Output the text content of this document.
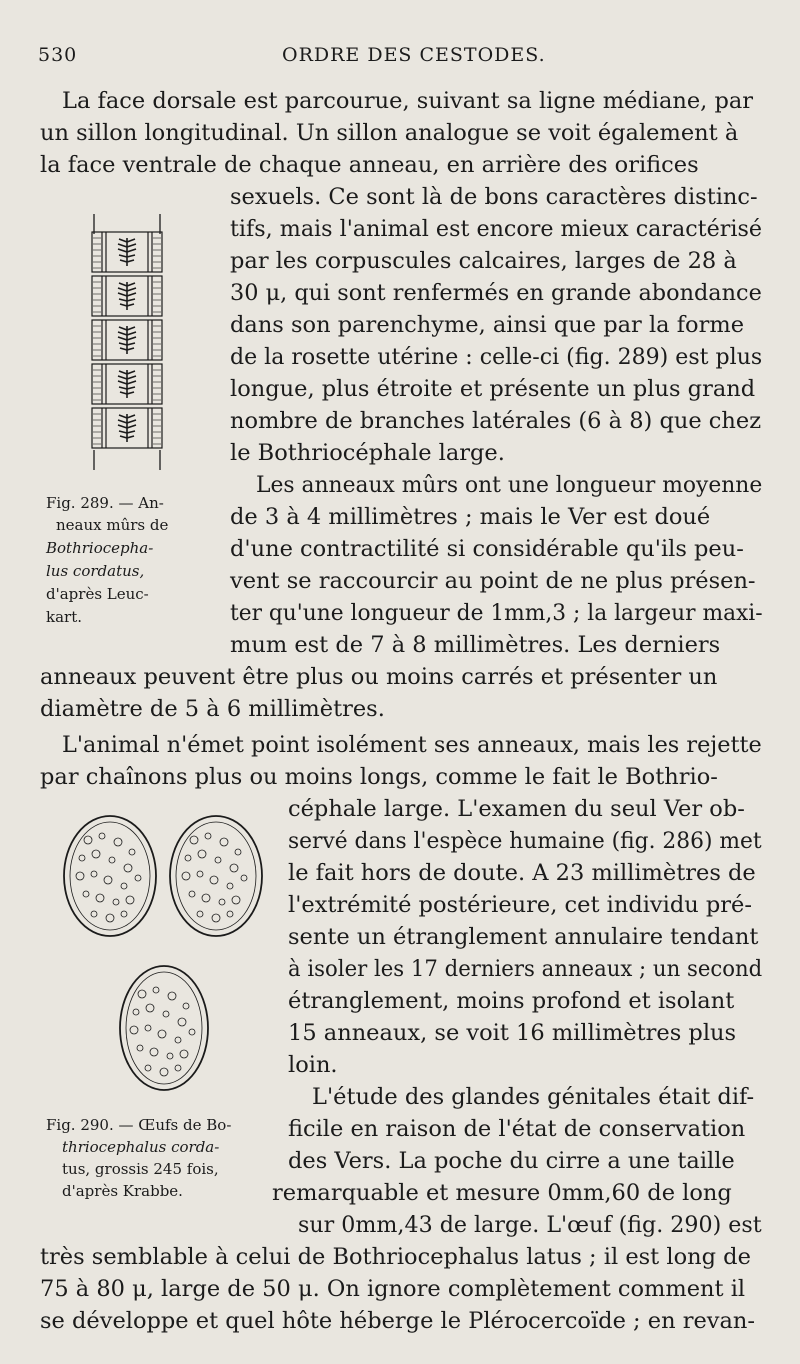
530	ORDRE DES CESTODES.
Fig. 289. — An-
neaux mûrs de
Bothriocepha-
lus cordatus,
d'après Leuc-
kart.
Fig. 290. — Œufs de Bo-
thriocephalus corda-
tus, grossis 245 fois,
d'après Krabbe.
La face dorsale est parcourue, suivant sa ligne médiane, par
un sillon longitudinal. Un sillon analogue se voit également à
la face ventrale de chaque anneau, en arrière des orifices
sexuels. Ce sont là de bons caractères distinc-
tifs, mais l'animal est encore mieux caractérisé
par les corpuscules calcaires, larges de 28 à
30 μ, qui sont renfermés en grande abondance
dans son parenchyme, ainsi que par la forme
de la rosette utérine : celle-ci (fig. 289) est plus
longue, plus étroite et présente un plus grand
nombre de branches latérales (6 à 8) que chez
le Bothriocéphale large.
Les anneaux mûrs ont une longueur moyenne
de 3 à 4 millimètres ; mais le Ver est doué
d'une contractilité si considérable qu'ils peu-
vent se raccourcir au point de ne plus présen-
ter qu'une longueur de 1mm,3 ; la largeur maxi-
mum est de 7 à 8 millimètres. Les derniers
anneaux peuvent être plus ou moins carrés et présenter un
diamètre de 5 à 6 millimètres.
L'animal n'émet point isolément ses anneaux, mais les rejette
par chaînons plus ou moins longs, comme le fait le Bothrio-
céphale large. L'examen du seul Ver ob-
servé dans l'espèce humaine (fig. 286) met
le fait hors de doute. A 23 millimètres de
l'extrémité postérieure, cet individu pré-
sente un étranglement annulaire tendant
à isoler les 17 derniers anneaux ; un second
étranglement, moins profond et isolant
15 anneaux, se voit 16 millimètres plus
loin.
L'étude des glandes génitales était dif-
ficile en raison de l'état de conservation
des Vers. La poche du cirre a une taille
remarquable et mesure 0mm,60 de long
sur 0mm,43 de large. L'œuf (fig. 290) est
très semblable à celui de Bothriocephalus latus ; il est long de
75 à 80 μ, large de 50 μ. On ignore complètement comment il
se développe et quel hôte héberge le Plérocercoïde ; en revan-
